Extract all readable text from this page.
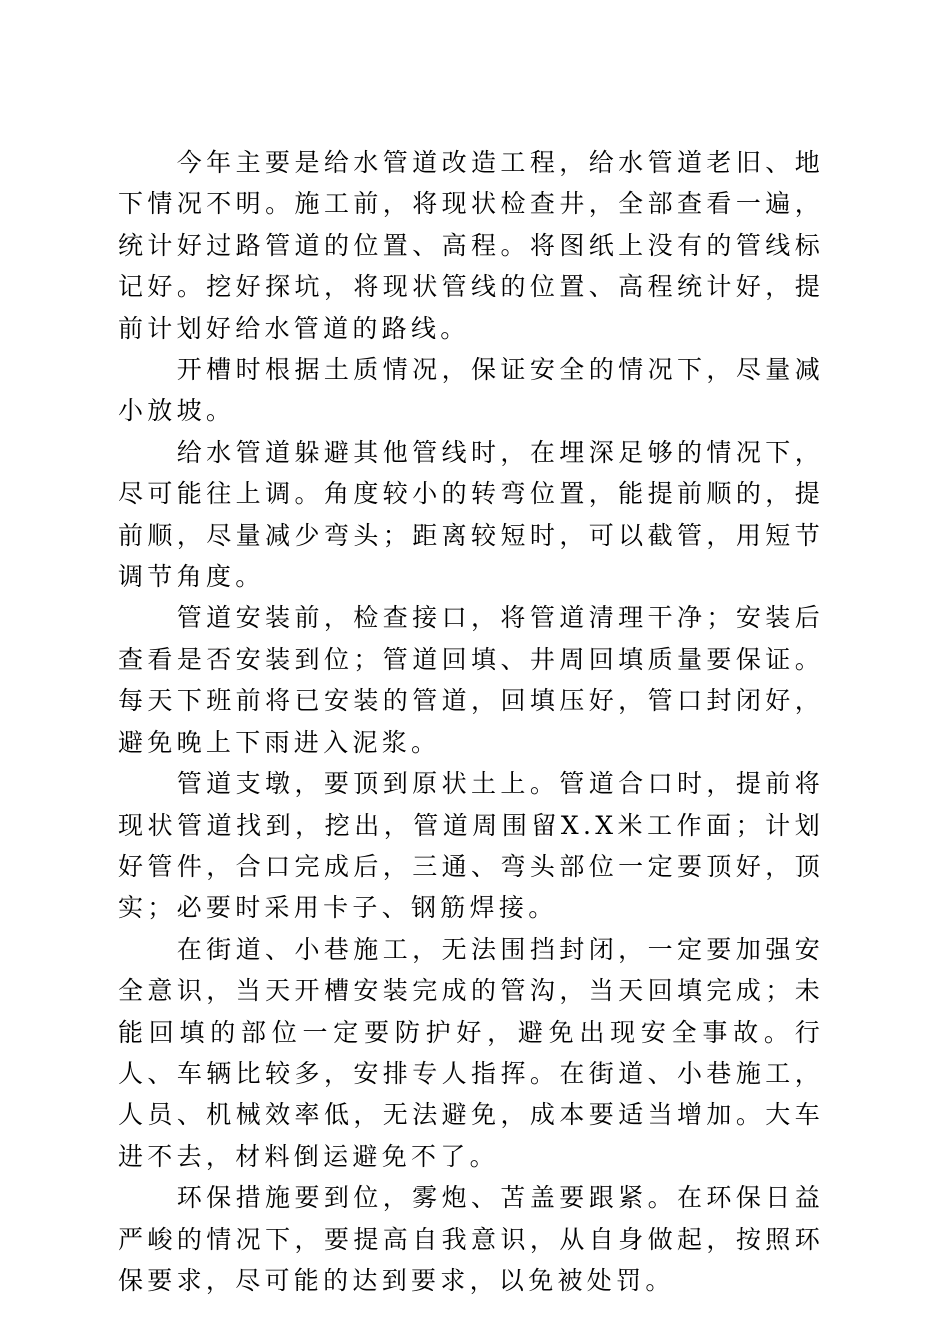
今年主要是给水管道改造工程，给水管道老旧、地下情况不明。施工前，将现状检查井，全部查看一遍，统计好过路管道的位置、高程。将图纸上没有的管线标记好。挖好探坑，将现状管线的位置、高程统计好，提前计划好给水管道的路线。

开槽时根据土质情况，保证安全的情况下，尽量减小放坡。

给水管道躲避其他管线时，在埋深足够的情况下，尽可能往上调。角度较小的转弯位置，能提前顺的，提前顺，尽量减少弯头；距离较短时，可以截管，用短节调节角度。

管道安装前，检查接口，将管道清理干净；安装后查看是否安装到位；管道回填、井周回填质量要保证。每天下班前将已安装的管道，回填压好，管口封闭好，避免晚上下雨进入泥浆。

管道支墩，要顶到原状土上。管道合口时，提前将现状管道找到，挖出，管道周围留X.X米工作面；计划好管件，合口完成后，三通、弯头部位一定要顶好，顶实；必要时采用卡子、钢筋焊接。

在街道、小巷施工，无法围挡封闭，一定要加强安全意识，当天开槽安装完成的管沟，当天回填完成；未能回填的部位一定要防护好，避免出现安全事故。行人、车辆比较多，安排专人指挥。在街道、小巷施工，人员、机械效率低，无法避免，成本要适当增加。大车进不去，材料倒运避免不了。

环保措施要到位，雾炮、苫盖要跟紧。在环保日益严峻的情况下，要提高自我意识，从自身做起，按照环保要求，尽可能的达到要求，以免被处罚。
